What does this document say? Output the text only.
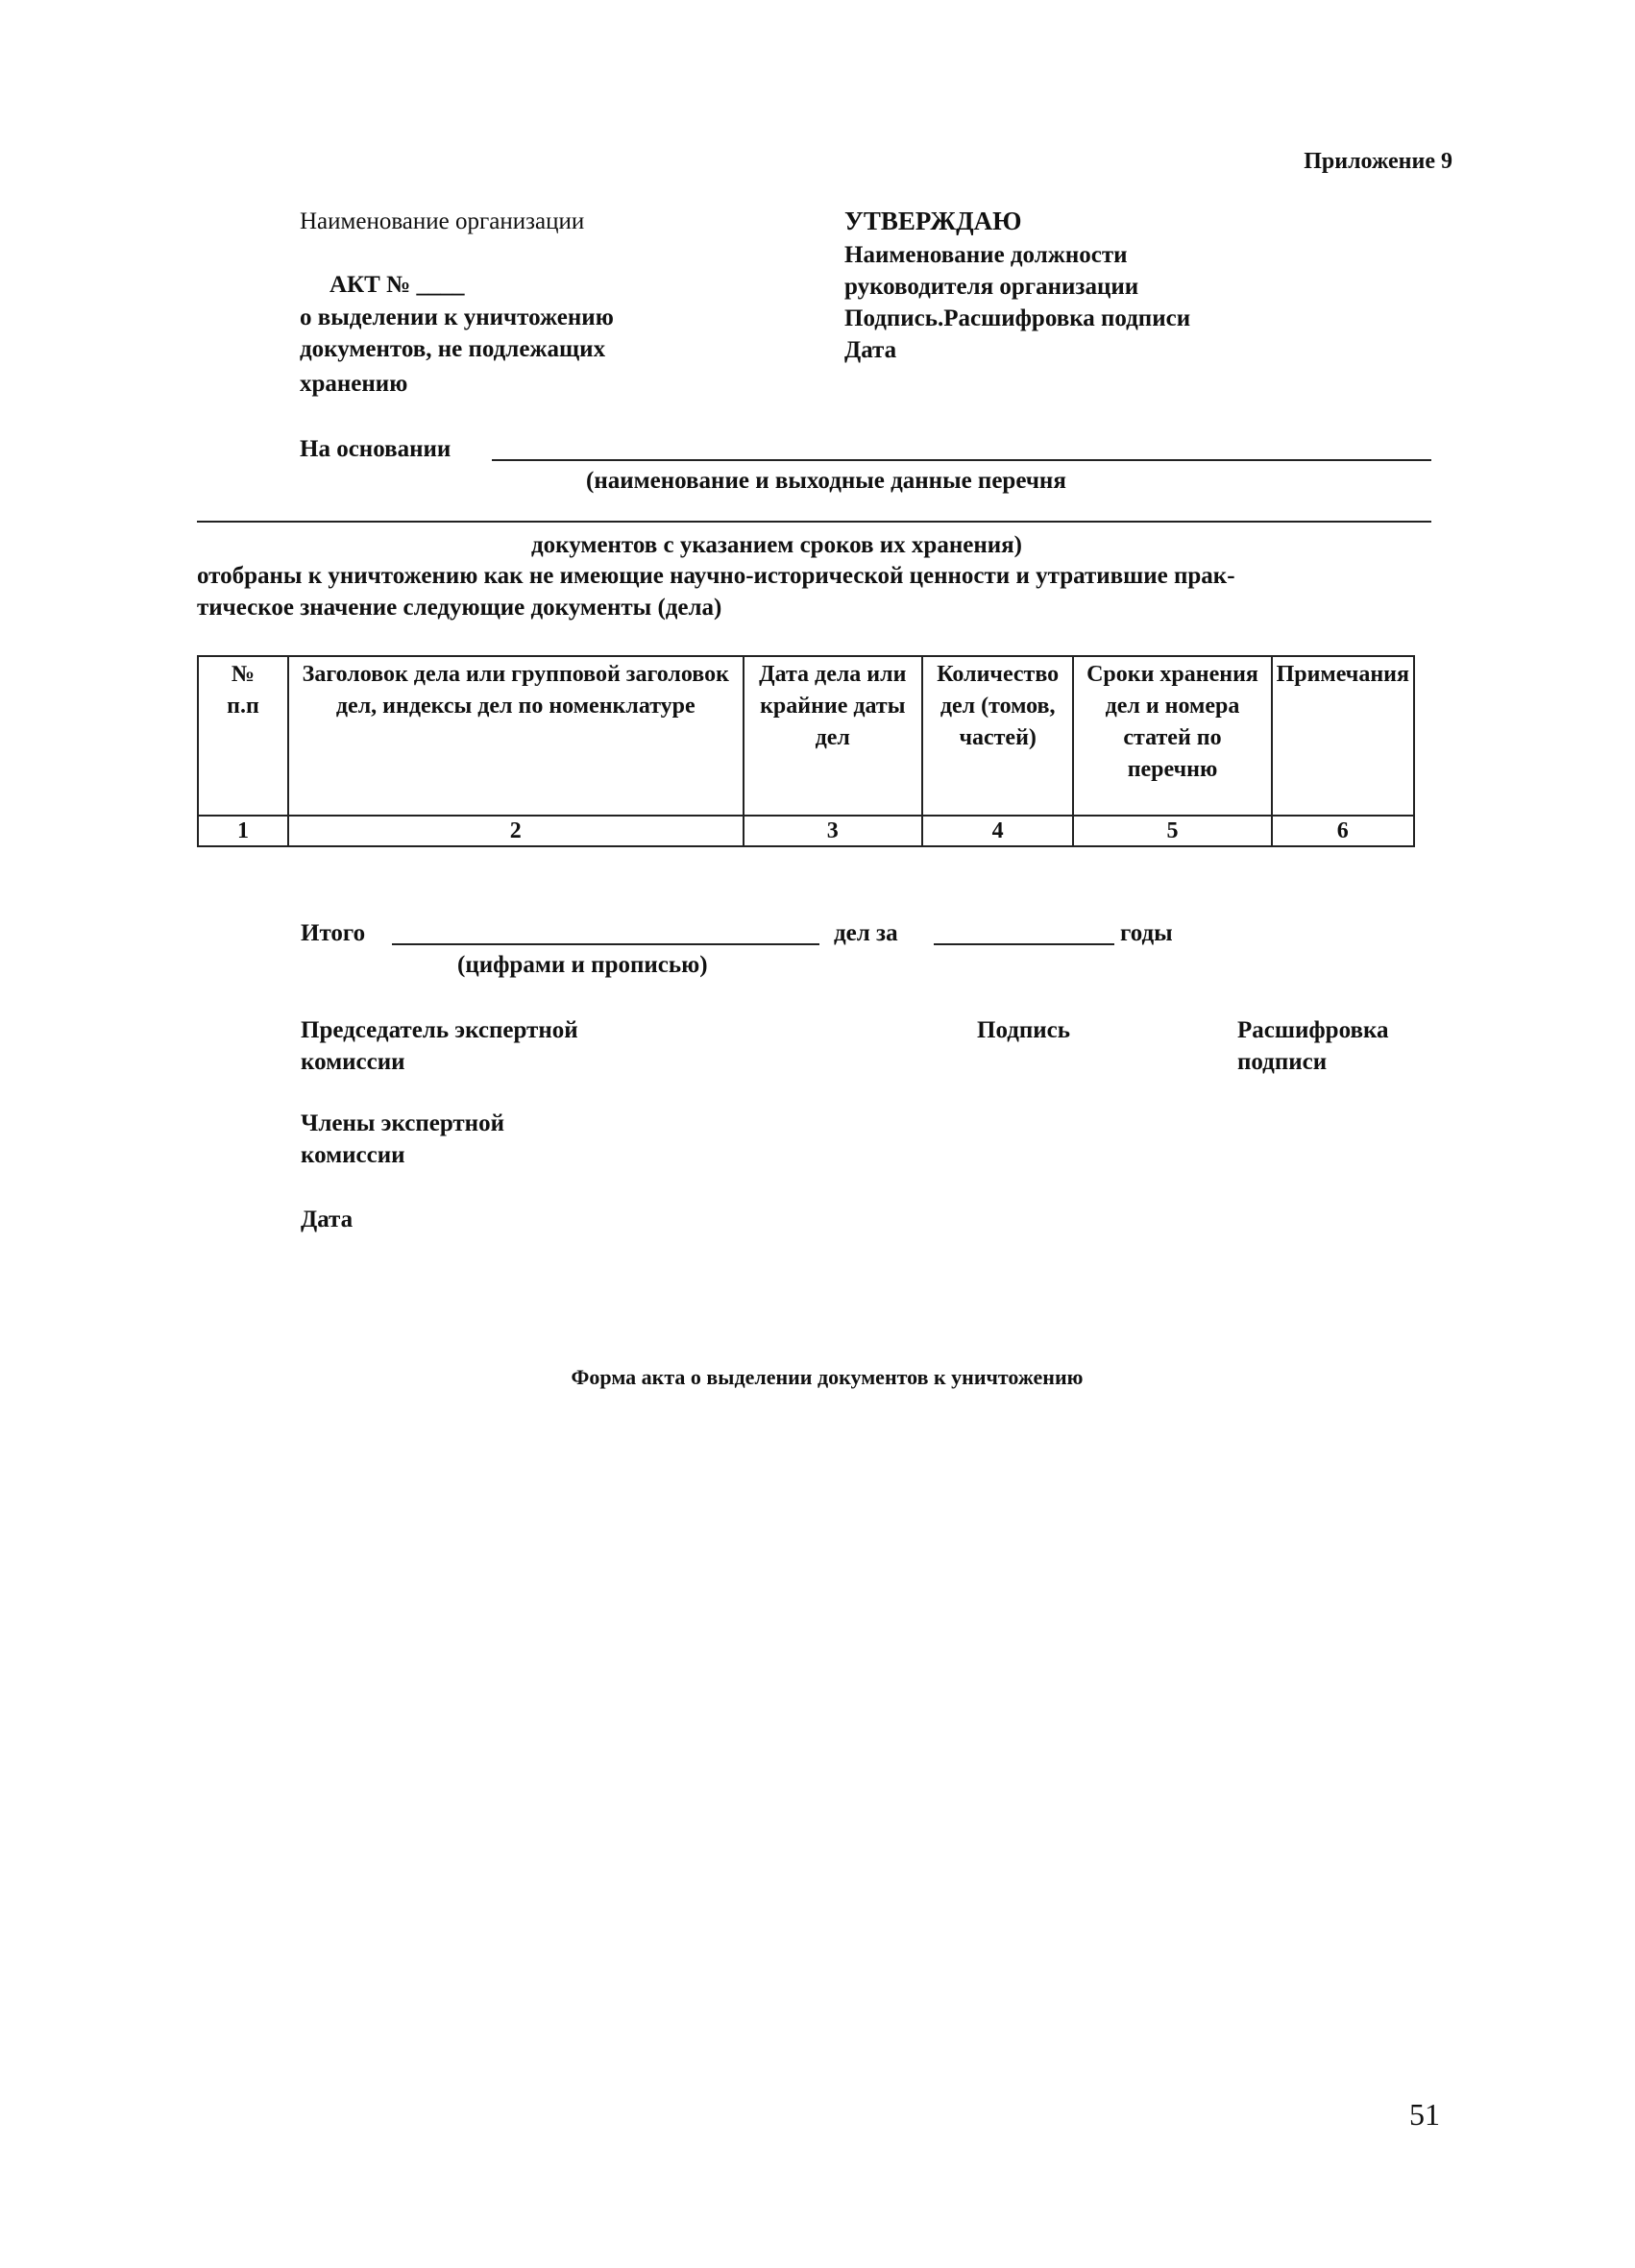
Приложение 9
Наименование организации
АКТ № ____
о выделении к уничтожению
документов, не подлежащих
хранению
УТВЕРЖДАЮ
Наименование должности
руководителя организации
Подпись.Расшифровка подписи
Дата
На основании
(наименование и выходные данные перечня
документов с указанием сроков их хранения)
отобраны к уничтожению как не имеющие научно-исторической ценности и утратившие прак-
тическое значение следующие документы (дела)
№
п.п	Заголовок дела или групповой заголовок дел, индексы дел по номенклатуре	Дата дела или крайние даты дел	Количество дел (томов, частей)	Сроки хранения дел и номера статей по перечню	Примечания
1	2	3	4	5	6
Итого	дел за	годы
(цифрами и прописью)
Председатель экспертной
комиссии
Подпись	Расшифровка
подписи
Члены экспертной
комиссии
Дата
Форма акта о выделении документов к уничтожению
51
